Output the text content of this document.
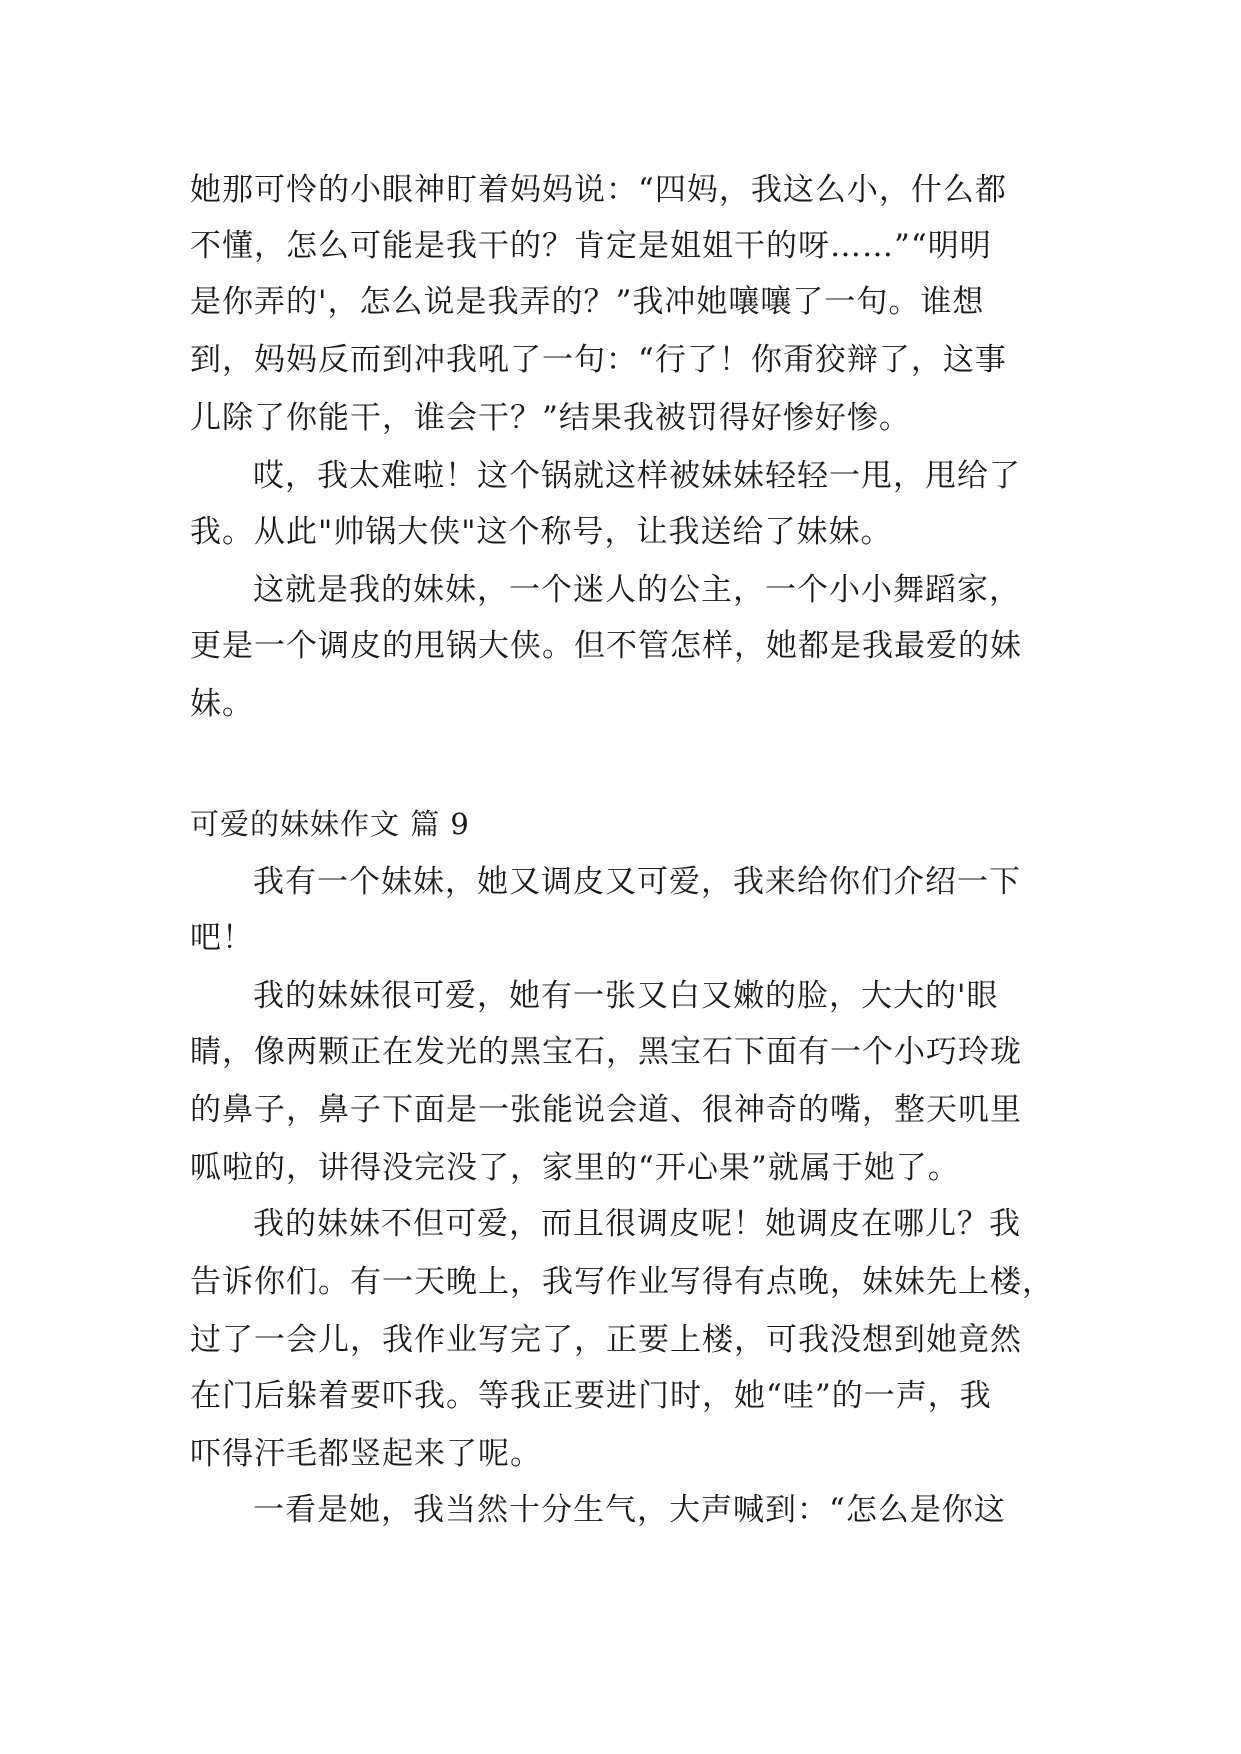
她那可怜的小眼神盯着妈妈说：“四妈，我这么小，什么都
不懂，怎么可能是我干的？肯定是姐姐干的呀……”“明明
是你弄的'，怎么说是我弄的？”我冲她嚷嚷了一句。谁想
到，妈妈反而到冲我吼了一句：“行了！你甭狡辩了，这事
儿除了你能干，谁会干？”结果我被罚得好惨好惨。
哎，我太难啦！这个锅就这样被妹妹轻轻一甩，甩给了
我。从此"帅锅大侠"这个称号，让我送给了妹妹。
这就是我的妹妹，一个迷人的公主，一个小小舞蹈家，
更是一个调皮的甩锅大侠。但不管怎样，她都是我最爱的妹
妹。
可爱的妹妹作文 篇 9
我有一个妹妹，她又调皮又可爱，我来给你们介绍一下
吧！
我的妹妹很可爱，她有一张又白又嫩的脸，大大的'眼
睛，像两颗正在发光的黑宝石，黑宝石下面有一个小巧玲珑
的鼻子，鼻子下面是一张能说会道、很神奇的嘴，整天叽里
呱啦的，讲得没完没了，家里的“开心果”就属于她了。
我的妹妹不但可爱，而且很调皮呢！她调皮在哪儿？我
告诉你们。有一天晚上，我写作业写得有点晚，妹妹先上楼，
过了一会儿，我作业写完了，正要上楼，可我没想到她竟然
在门后躲着要吓我。等我正要进门时，她“哇”的一声，我
吓得汗毛都竖起来了呢。
一看是她，我当然十分生气，大声喊到：“怎么是你这
